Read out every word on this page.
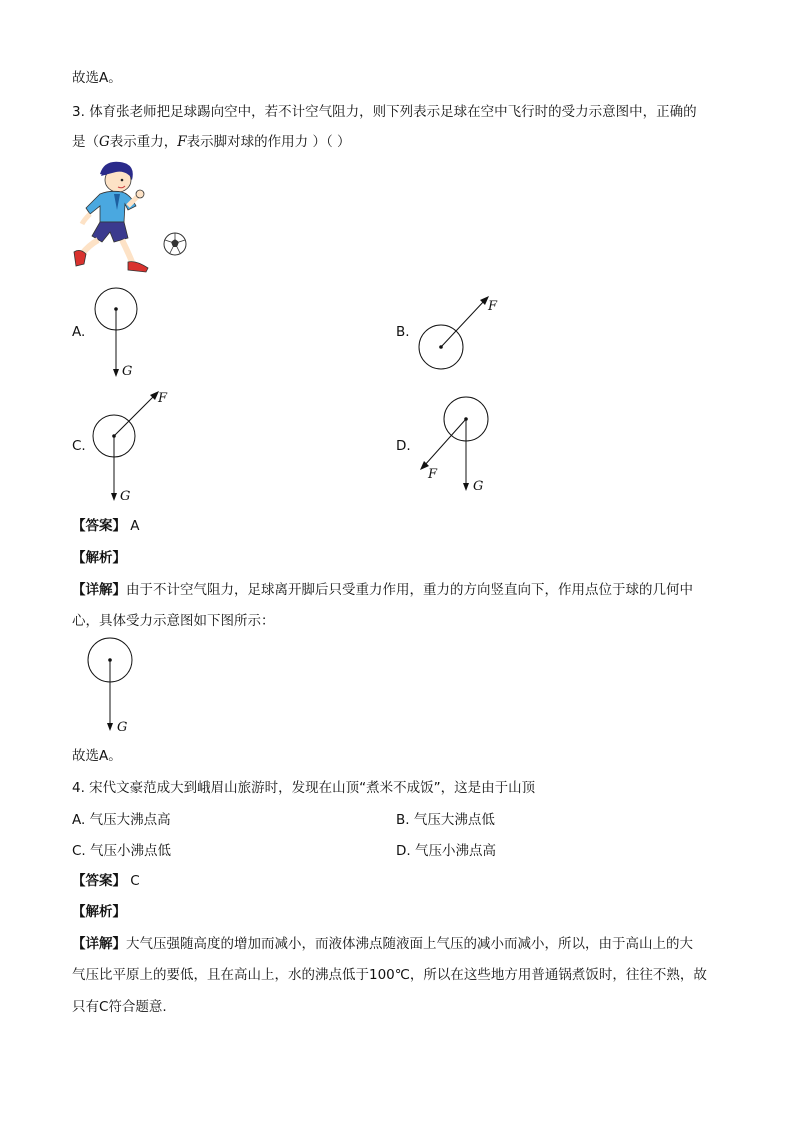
故选A。
3. 体育张老师把足球踢向空中，若不计空气阻力，则下列表示足球在空中飞行时的受力示意图中，正确的
是（G表示重力，F表示脚对球的作用力 ）（ ）
A.
G
B.
F
C.
F
G
D.
F
G
【答案】 A
【解析】
【详解】由于不计空气阻力，足球离开脚后只受重力作用，重力的方向竖直向下，作用点位于球的几何中
心，具体受力示意图如下图所示：
G
故选A。
4. 宋代文豪范成大到峨眉山旅游时，发现在山顶“煮米不成饭”，这是由于山顶
A. 气压大沸点高	B. 气压大沸点低
C. 气压小沸点低	D. 气压小沸点高
【答案】 C
【解析】
【详解】大气压强随高度的增加而减小，而液体沸点随液面上气压的减小而减小，所以，由于高山上的大
气压比平原上的要低，且在高山上，水的沸点低于100℃，所以在这些地方用普通锅煮饭时，往往不熟，故
只有C符合题意.
